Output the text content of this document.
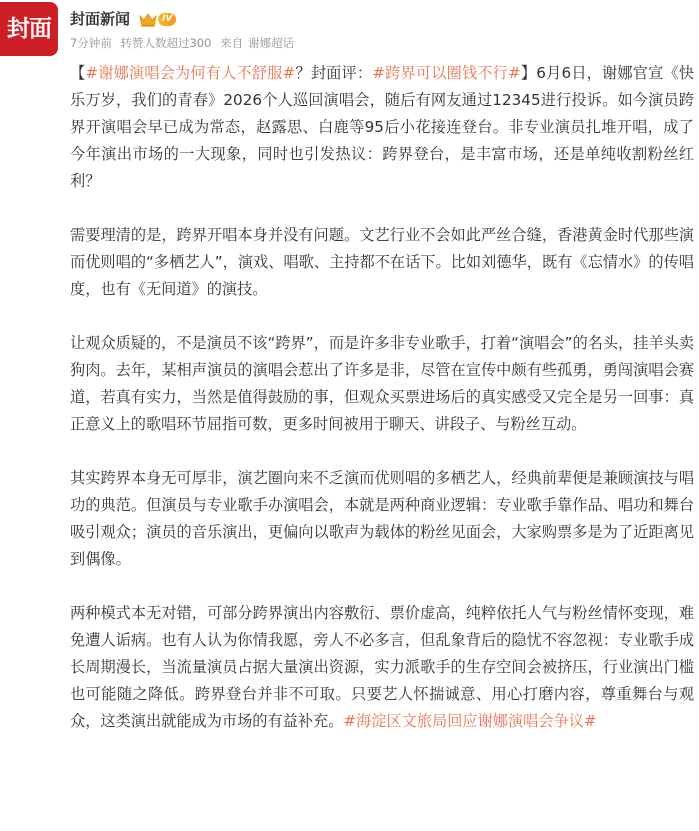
封面	封面新闻	IV
7分钟前 转赞人数超过300 来自 谢娜超话

【#谢娜演唱会为何有人不舒服#？封面评：#跨界可以圈钱不行#】6月6日，谢娜官宣《快乐万岁，我们的青春》2026个人巡回演唱会，随后有网友通过12345进行投诉。如今演员跨界开演唱会早已成为常态，赵露思、白鹿等95后小花接连登台。非专业演员扎堆开唱，成了今年演出市场的一大现象，同时也引发热议：跨界登台，是丰富市场，还是单纯收割粉丝红利？

需要理清的是，跨界开唱本身并没有问题。文艺行业不会如此严丝合缝，香港黄金时代那些演而优则唱的“多栖艺人”，演戏、唱歌、主持都不在话下。比如刘德华，既有《忘情水》的传唱度，也有《无间道》的演技。

让观众质疑的，不是演员不该“跨界”，而是许多非专业歌手，打着“演唱会”的名头，挂羊头卖狗肉。去年，某相声演员的演唱会惹出了许多是非，尽管在宣传中颇有些孤勇，勇闯演唱会赛道，若真有实力，当然是值得鼓励的事，但观众买票进场后的真实感受又完全是另一回事：真正意义上的歌唱环节屈指可数，更多时间被用于聊天、讲段子、与粉丝互动。

其实跨界本身无可厚非，演艺圈向来不乏演而优则唱的多栖艺人，经典前辈便是兼顾演技与唱功的典范。但演员与专业歌手办演唱会，本就是两种商业逻辑：专业歌手靠作品、唱功和舞台吸引观众；演员的音乐演出，更偏向以歌声为载体的粉丝见面会，大家购票多是为了近距离见到偶像。

两种模式本无对错，可部分跨界演出内容敷衍、票价虚高，纯粹依托人气与粉丝情怀变现，难免遭人诟病。也有人认为你情我愿，旁人不必多言，但乱象背后的隐忧不容忽视：专业歌手成长周期漫长，当流量演员占据大量演出资源，实力派歌手的生存空间会被挤压，行业演出门槛也可能随之降低。跨界登台并非不可取。只要艺人怀揣诚意、用心打磨内容，尊重舞台与观众，这类演出就能成为市场的有益补充。#海淀区文旅局回应谢娜演唱会争议#
